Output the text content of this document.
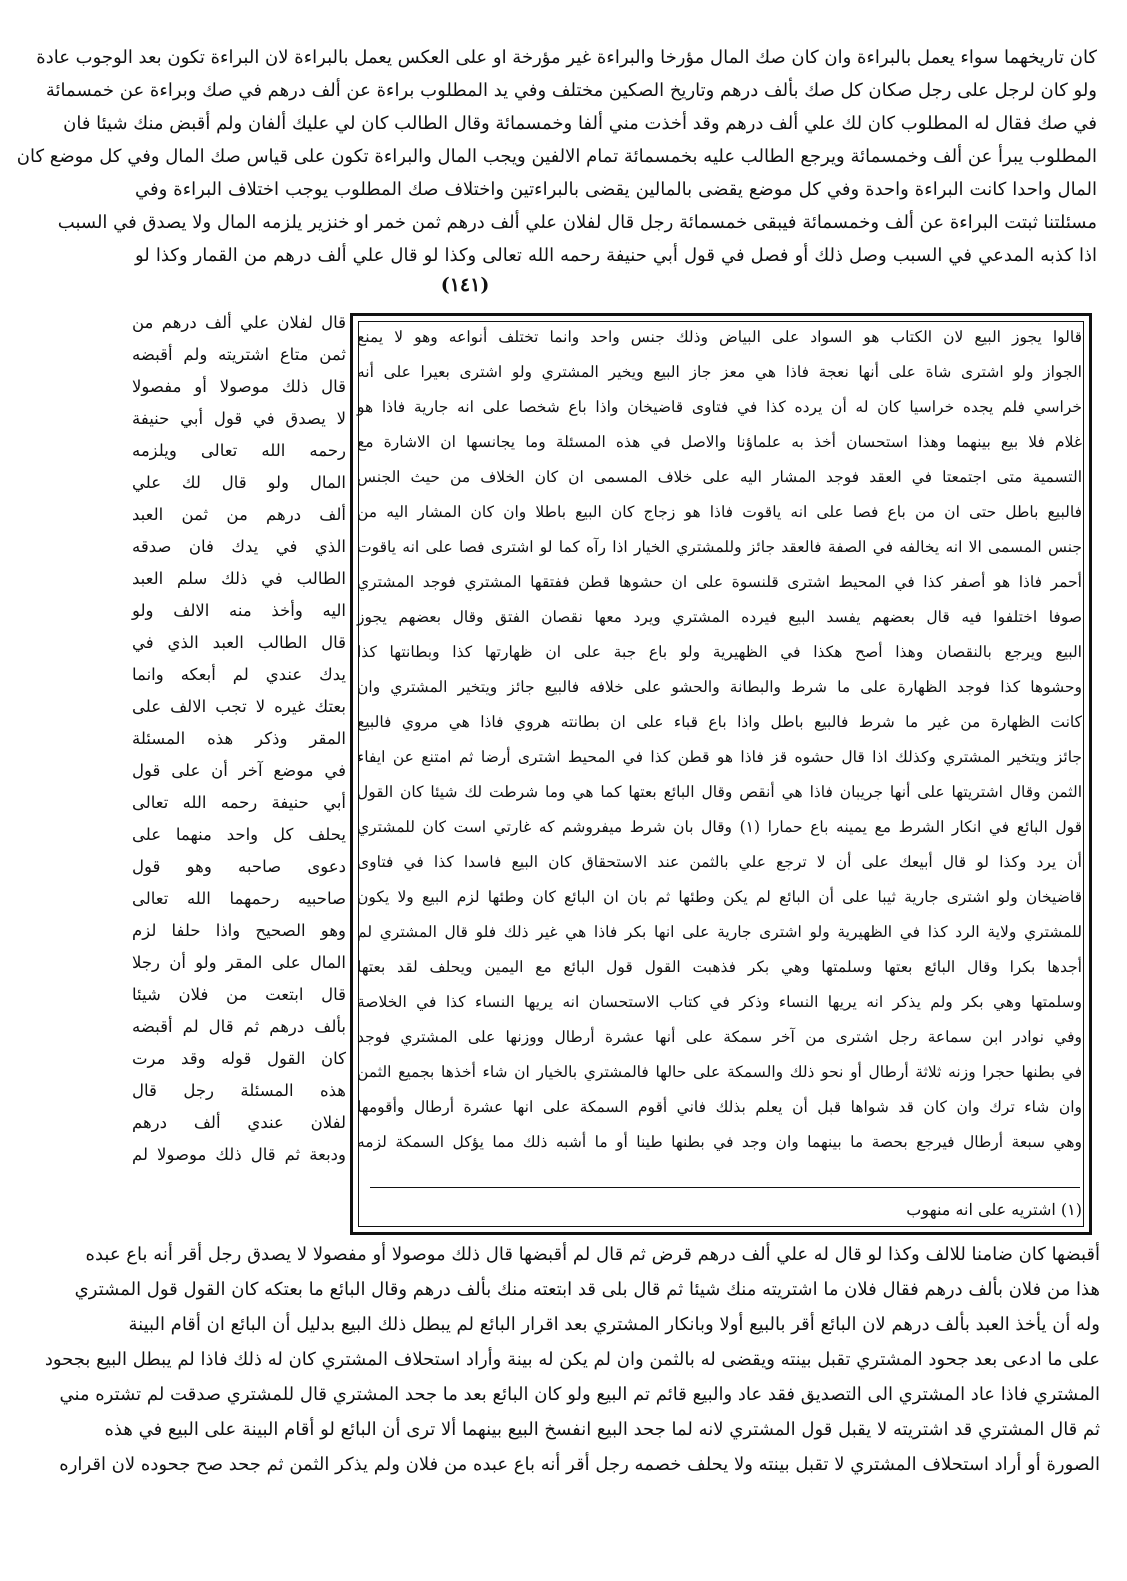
كان تاريخهما سواء يعمل بالبراءة وان كان صك المال مؤرخا والبراءة غير مؤرخة او على العكس يعمل بالبراءة لان البراءة تكون بعد الوجوب عادة
ولو كان لرجل على رجل صكان كل صك بألف درهم وتاريخ الصكين مختلف وفي يد المطلوب براءة عن ألف درهم في صك وبراءة عن خمسمائة
في صك فقال له المطلوب كان لك علي ألف درهم وقد أخذت مني ألفا وخمسمائة وقال الطالب كان لي عليك ألفان ولم أقبض منك شيئا فان
المطلوب يبرأ عن ألف وخمسمائة ويرجع الطالب عليه بخمسمائة تمام الالفين ويجب المال والبراءة تكون على قياس صك المال وفي كل موضع كان
المال واحدا كانت البراءة واحدة وفي كل موضع يقضى بالمالين يقضى بالبراءتين واختلاف صك المطلوب يوجب اختلاف البراءة وفي
مسئلتنا ثبتت البراءة عن ألف وخمسمائة فيبقى خمسمائة رجل قال لفلان علي ألف درهم ثمن خمر او خنزير يلزمه المال ولا يصدق في السبب
اذا كذبه المدعي في السبب وصل ذلك أو فصل في قول أبي حنيفة رحمه الله تعالى وكذا لو قال علي ألف درهم من القمار وكذا لو
(١٤١)
قال لفلان علي ألف درهم من
ثمن متاع اشتريته ولم أقبضه
قال ذلك موصولا أو مفصولا
لا يصدق في قول أبي حنيفة
رحمه الله تعالى ويلزمه
المال ولو قال لك علي
ألف درهم من ثمن العبد
الذي في يدك فان صدقه
الطالب في ذلك سلم العبد
اليه وأخذ منه الالف ولو
قال الطالب العبد الذي في
يدك عندي لم أبعكه وانما
بعتك غيره لا تجب الالف على
المقر وذكر هذه المسئلة
في موضع آخر أن على قول
أبي حنيفة رحمه الله تعالى
يحلف كل واحد منهما على
دعوى صاحبه وهو قول
صاحبيه رحمهما الله تعالى
وهو الصحيح واذا حلفا لزم
المال على المقر ولو أن رجلا
قال ابتعت من فلان شيئا
بألف درهم ثم قال لم أقبضه
كان القول قوله وقد مرت
هذه المسئلة رجل قال
لفلان عندي ألف درهم
ودبعة ثم قال ذلك موصولا لم
قالوا يجوز البيع لان الكتاب هو السواد على البياض وذلك جنس واحد وانما تختلف أنواعه وهو لا يمنع
الجواز ولو اشترى شاة على أنها نعجة فاذا هي معز جاز البيع ويخير المشتري ولو اشترى بعيرا على أنه
خراسي فلم يجده خراسيا كان له أن يرده كذا في فتاوى قاضيخان واذا باع شخصا على انه جارية فاذا هو
غلام فلا بيع بينهما وهذا استحسان أخذ به علماؤنا والاصل في هذه المسئلة وما يجانسها ان الاشارة مع
التسمية متى اجتمعتا في العقد فوجد المشار اليه على خلاف المسمى ان كان الخلاف من حيث الجنس
فالبيع باطل حتى ان من باع فصا على انه ياقوت فاذا هو زجاج كان البيع باطلا وان كان المشار اليه من
جنس المسمى الا انه يخالفه في الصفة فالعقد جائز وللمشتري الخيار اذا رآه كما لو اشترى فصا على انه ياقوت
أحمر فاذا هو أصفر كذا في المحيط اشترى قلنسوة على ان حشوها قطن ففتقها المشتري فوجد المشتري
صوفا اختلفوا فيه قال بعضهم يفسد البيع فيرده المشتري ويرد معها نقصان الفتق وقال بعضهم يجوز
البيع ويرجع بالنقصان وهذا أصح هكذا في الظهيرية ولو باع جبة على ان ظهارتها كذا وبطانتها كذا
وحشوها كذا فوجد الظهارة على ما شرط والبطانة والحشو على خلافه فالبيع جائز ويتخير المشتري وان
كانت الظهارة من غير ما شرط فالبيع باطل واذا باع قباء على ان بطانته هروي فاذا هي مروي فالبيع
جائز ويتخير المشتري وكذلك اذا قال حشوه قز فاذا هو قطن كذا في المحيط اشترى أرضا ثم امتنع عن ايفاء
الثمن وقال اشتريتها على أنها جريبان فاذا هي أنقص وقال البائع بعتها كما هي وما شرطت لك شيئا كان القول
قول البائع في انكار الشرط مع يمينه باع حمارا (١) وقال بان شرط ميفروشم كه غارتي است كان للمشتري
أن يرد وكذا لو قال أبيعك على أن لا ترجع علي بالثمن عند الاستحقاق كان البيع فاسدا كذا في فتاوى
قاضيخان ولو اشترى جارية ثيبا على أن البائع لم يكن وطئها ثم بان ان البائع كان وطئها لزم البيع ولا يكون
للمشتري ولاية الرد كذا في الظهيرية ولو اشترى جارية على انها بكر فاذا هي غير ذلك فلو قال المشتري لم
أجدها بكرا وقال البائع بعتها وسلمتها وهي بكر فذهبت القول قول البائع مع اليمين ويحلف لقد بعتها
وسلمتها وهي بكر ولم يذكر انه يريها النساء وذكر في كتاب الاستحسان انه يريها النساء كذا في الخلاصة
وفي نوادر ابن سماعة رجل اشترى من آخر سمكة على أنها عشرة أرطال ووزنها على المشتري فوجد
في بطنها حجرا وزنه ثلاثة أرطال أو نحو ذلك والسمكة على حالها فالمشتري بالخيار ان شاء أخذها بجميع الثمن
وان شاء ترك وان كان قد شواها قبل أن يعلم بذلك فاني أقوم السمكة على انها عشرة أرطال وأقومها
وهي سبعة أرطال فيرجع بحصة ما بينهما وان وجد في بطنها طينا أو ما أشبه ذلك مما يؤكل السمكة لزمه
(١) اشتريه على انه منهوب
أقبضها كان ضامنا للالف وكذا لو قال له علي ألف درهم قرض ثم قال لم أقبضها قال ذلك موصولا أو مفصولا لا يصدق رجل أقر أنه باع عبده
هذا من فلان بألف درهم فقال فلان ما اشتريته منك شيئا ثم قال بلى قد ابتعته منك بألف درهم وقال البائع ما بعتكه كان القول قول المشتري
وله أن يأخذ العبد بألف درهم لان البائع أقر بالبيع أولا وبانكار المشتري بعد اقرار البائع لم يبطل ذلك البيع بدليل أن البائع ان أقام البينة
على ما ادعى بعد جحود المشتري تقبل بينته ويقضى له بالثمن وان لم يكن له بينة وأراد استحلاف المشتري كان له ذلك فاذا لم يبطل البيع بجحود
المشتري فاذا عاد المشتري الى التصديق فقد عاد والبيع قائم تم البيع ولو كان البائع بعد ما جحد المشتري قال للمشتري صدقت لم تشتره مني
ثم قال المشتري قد اشتريته لا يقبل قول المشتري لانه لما جحد البيع انفسخ البيع بينهما ألا ترى أن البائع لو أقام البينة على البيع في هذه
الصورة أو أراد استحلاف المشتري لا تقبل بينته ولا يحلف خصمه رجل أقر أنه باع عبده من فلان ولم يذكر الثمن ثم جحد صح جحوده لان اقراره
